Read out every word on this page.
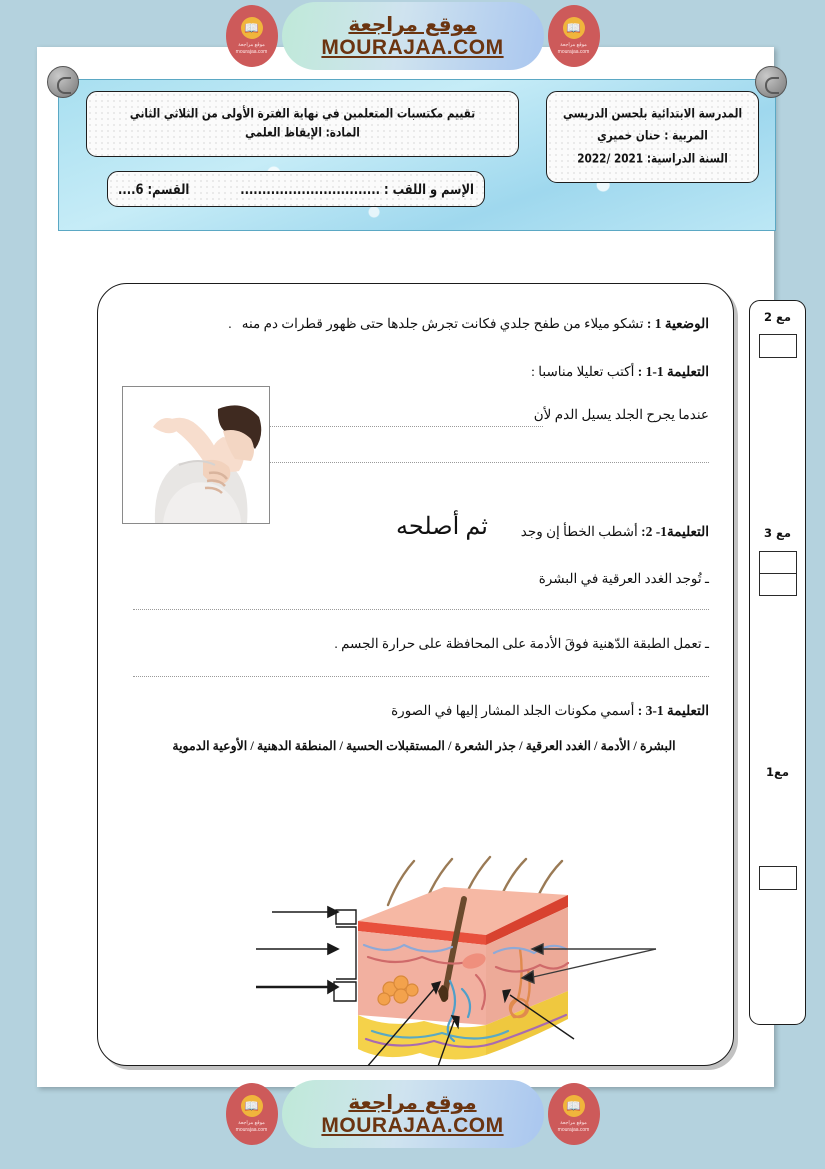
المدرسة الابتدائية بلحسن الدريسي
المربية : حنان خميري
السنة الدراسية: 2021 /2022
تقييم مكتسبات المتعلمين في نهاية الفترة الأولى من الثلاثي الثاني
المادة: الإيقاظ العلمي
الإسم و اللقب : ................................
القسم: 6....
الوضعية 1 : تشكو ميلاء من طفح جلدي فكانت تجرش جلدها حتى ظهور قطرات دم منه   .
التعليمة 1-1 : أكتب تعليلا مناسبا :
عندما يجرح الجلد يسيل الدم لأن
التعليمة1- 2: أشطب الخطأ إن وجد
ثم أصلحه
ـ تُوجد الغدد العرقية في البشرة
ـ تعمل الطبقة الدّهنية فوقَ الأدمة على المحافظة على حرارة الجسم .
التعليمة 1-3 : أسمي مكونات الجلد المشار إليها في الصورة
البشرة / الأدمة / الغدد العرقية / جذر الشعرة / المستقبلات الحسية / المنطقة الدهنية / الأوعية الدموية
مع 2
مع 3
مع1
📖
موقع مراجعة
mourajaa.com
موقع مراجعة
MOURAJAA.COM
📖
موقع مراجعة
mourajaa.com
📖
موقع مراجعة
mourajaa.com
موقع مراجعة
MOURAJAA.COM
📖
موقع مراجعة
mourajaa.com
